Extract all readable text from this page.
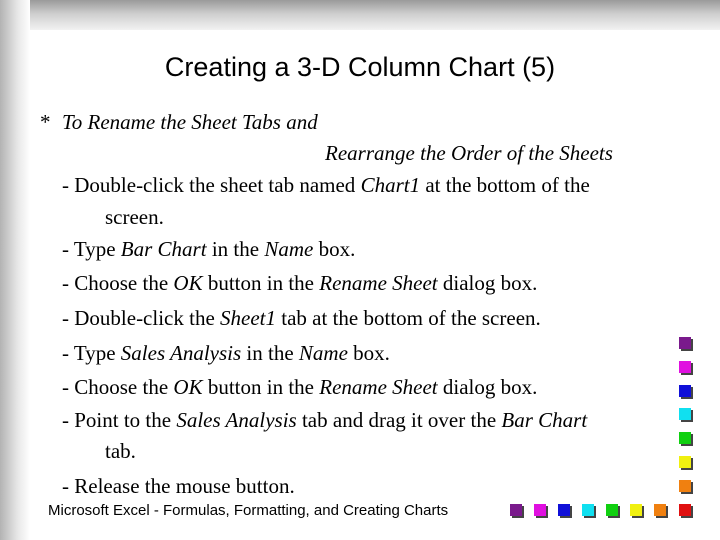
Creating a 3-D Column Chart (5)
* To Rename the Sheet Tabs and
Rearrange the Order of the Sheets
- Double-click the sheet tab named Chart1 at the bottom of the
screen.
- Type Bar Chart in the Name box.
- Choose the OK button in the Rename Sheet dialog box.
- Double-click the Sheet1 tab at the bottom of the screen.
- Type Sales Analysis in the Name box.
- Choose the OK button in the Rename Sheet dialog box.
- Point to the Sales Analysis tab and drag it over the Bar Chart
tab.
- Release the mouse button.
Microsoft Excel - Formulas, Formatting, and Creating Charts
